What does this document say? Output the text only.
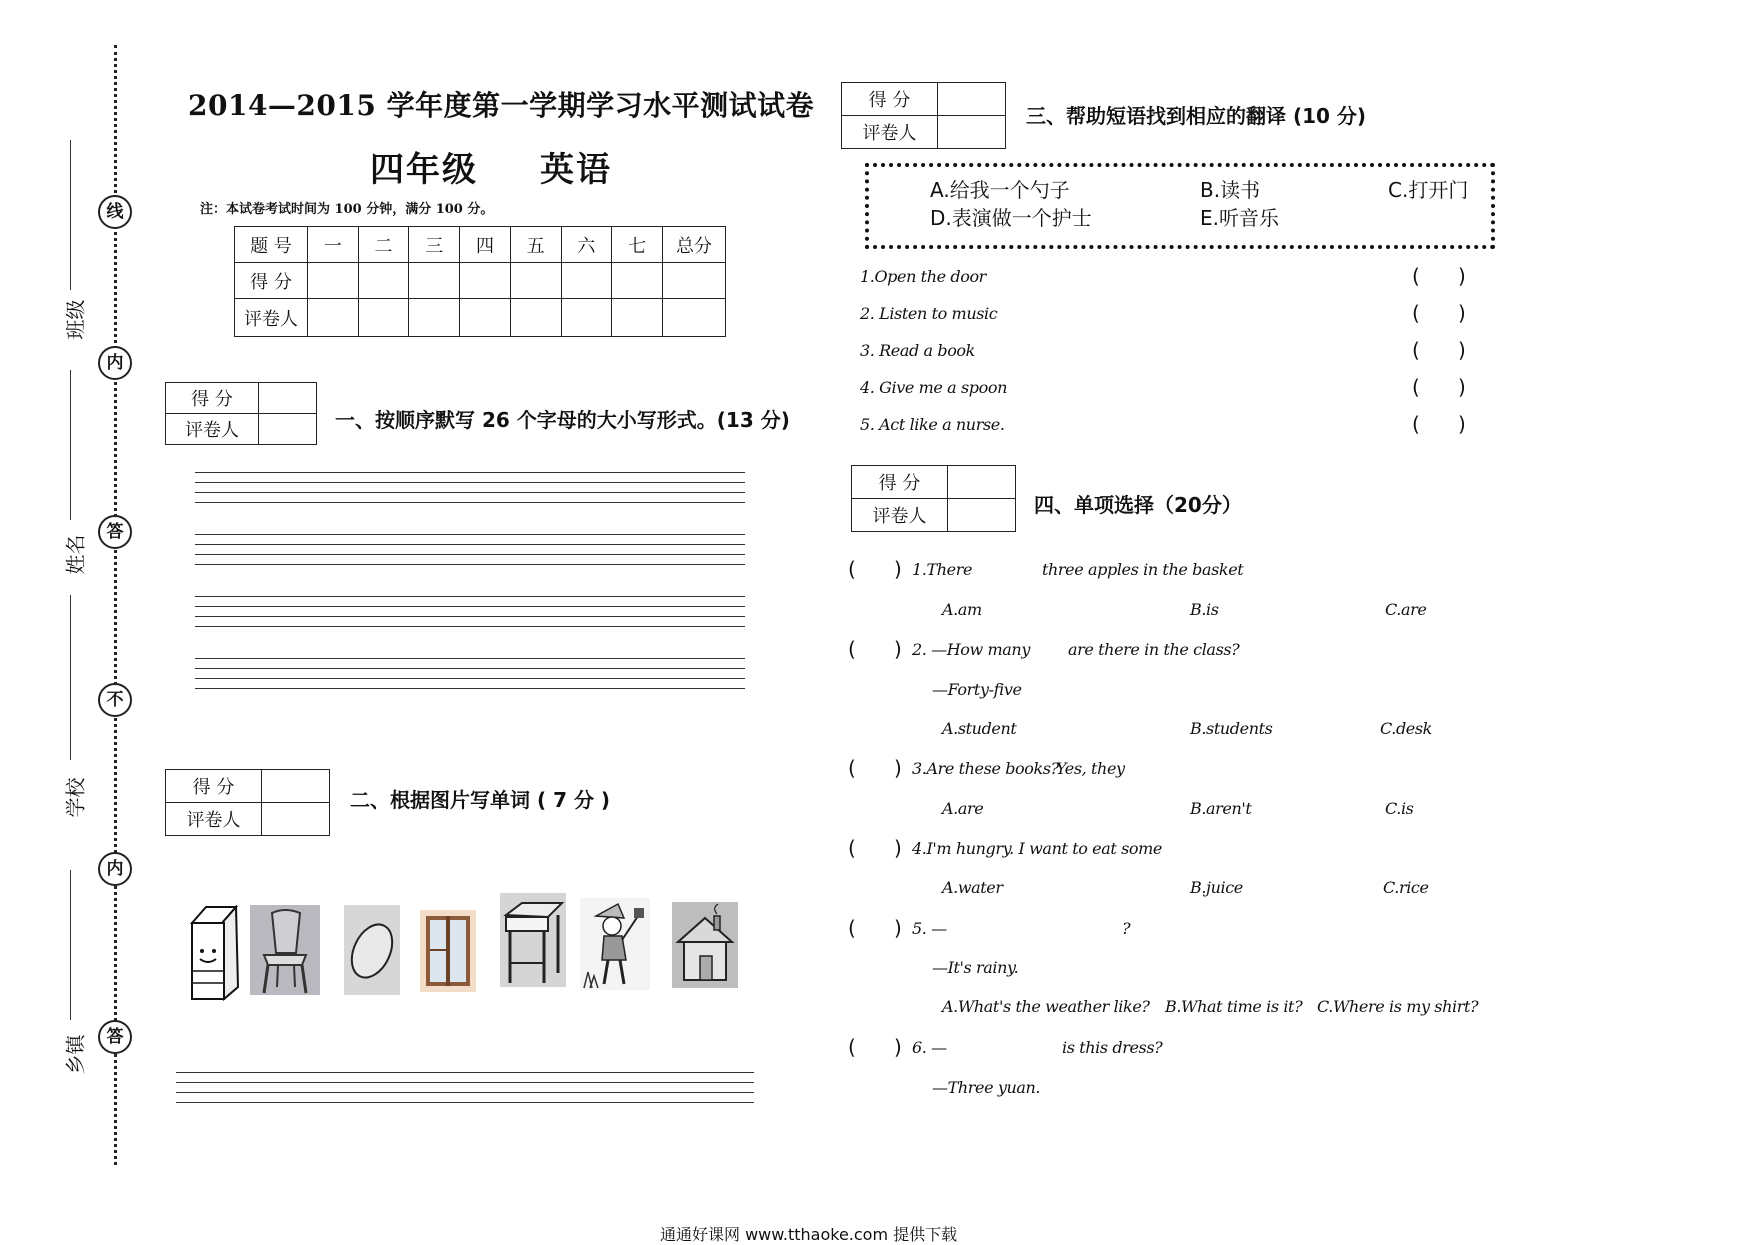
线
内
答
不
内
答
班级
姓名
学校
乡镇
2014—2015 学年度第一学期学习水平测试试卷
四年级 英语
注：本试卷考试时间为 100 分钟，满分 100 分。
题 号	一	二	三	四	五	六	七	总分
得 分								
评卷人								
得 分	
评卷人		一、按顺序默写 26 个字母的大小写形式。(13 分)
得 分	
评卷人	
二、根据图片写单词 ( 7 分 )
得 分	
评卷人	
三、帮助短语找到相应的翻译 (10 分)
A.给我一个勺子	B.读书	C.打开门
D.表演做一个护士	E.听音乐
1.Open the door	(      )
2. Listen to music	(      )
3. Read a book	(      )
4. Give me a spoon	(      )
5. Act like a nurse.	(      )
得 分	
评卷人		四、单项选择（20分）
(      ) 1.There	three apples in the basket
A.am	B.is	C.are
(      ) 2. —How many are there in the class?
—Forty-five
A.student	B.students	C.desk
(      ) 3.Are these books?
Yes, they
A.are	B.aren't	C.is
(      ) 4.I'm hungry. I want to eat some
A.water	B.juice	C.rice
(      ) 5. —	?
—It's rainy.
A.What's the weather like? B.What time is it? C.Where is my shirt?
(      ) 6. —	is this dress?
—Three yuan.
通通好课网 www.tthaoke.com 提供下载
